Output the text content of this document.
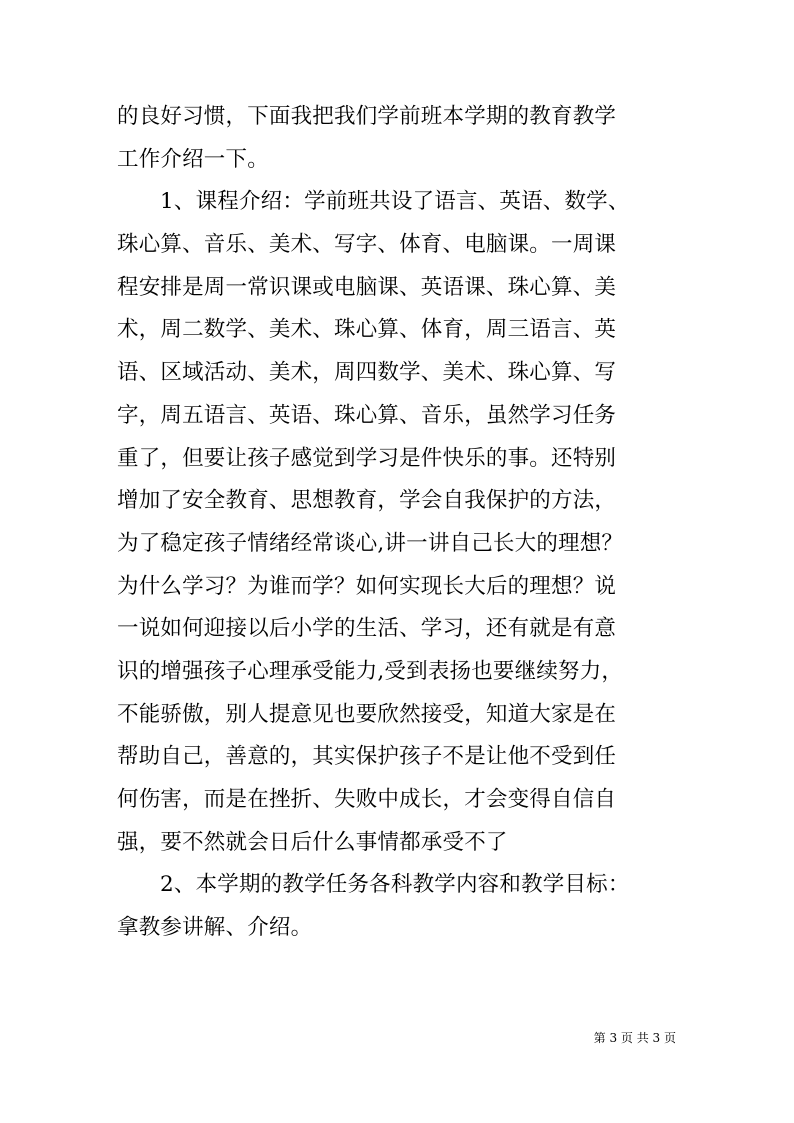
的良好习惯，下面我把我们学前班本学期的教育教学
工作介绍一下。
1、课程介绍：学前班共设了语言、英语、数学、
珠心算、音乐、美术、写字、体育、电脑课。一周课
程安排是周一常识课或电脑课、英语课、珠心算、美
术，周二数学、美术、珠心算、体育，周三语言、英
语、区域活动、美术，周四数学、美术、珠心算、写
字，周五语言、英语、珠心算、音乐，虽然学习任务
重了，但要让孩子感觉到学习是件快乐的事。还特别
增加了安全教育、思想教育，学会自我保护的方法，
为了稳定孩子情绪经常谈心,讲一讲自己长大的理想？
为什么学习？为谁而学？如何实现长大后的理想？说
一说如何迎接以后小学的生活、学习，还有就是有意
识的增强孩子心理承受能力,受到表扬也要继续努力，
不能骄傲，别人提意见也要欣然接受，知道大家是在
帮助自己，善意的，其实保护孩子不是让他不受到任
何伤害，而是在挫折、失败中成长，才会变得自信自
强，要不然就会日后什么事情都承受不了
2、本学期的教学任务各科教学内容和教学目标：
拿教参讲解、介绍。
第 3 页 共 3 页
